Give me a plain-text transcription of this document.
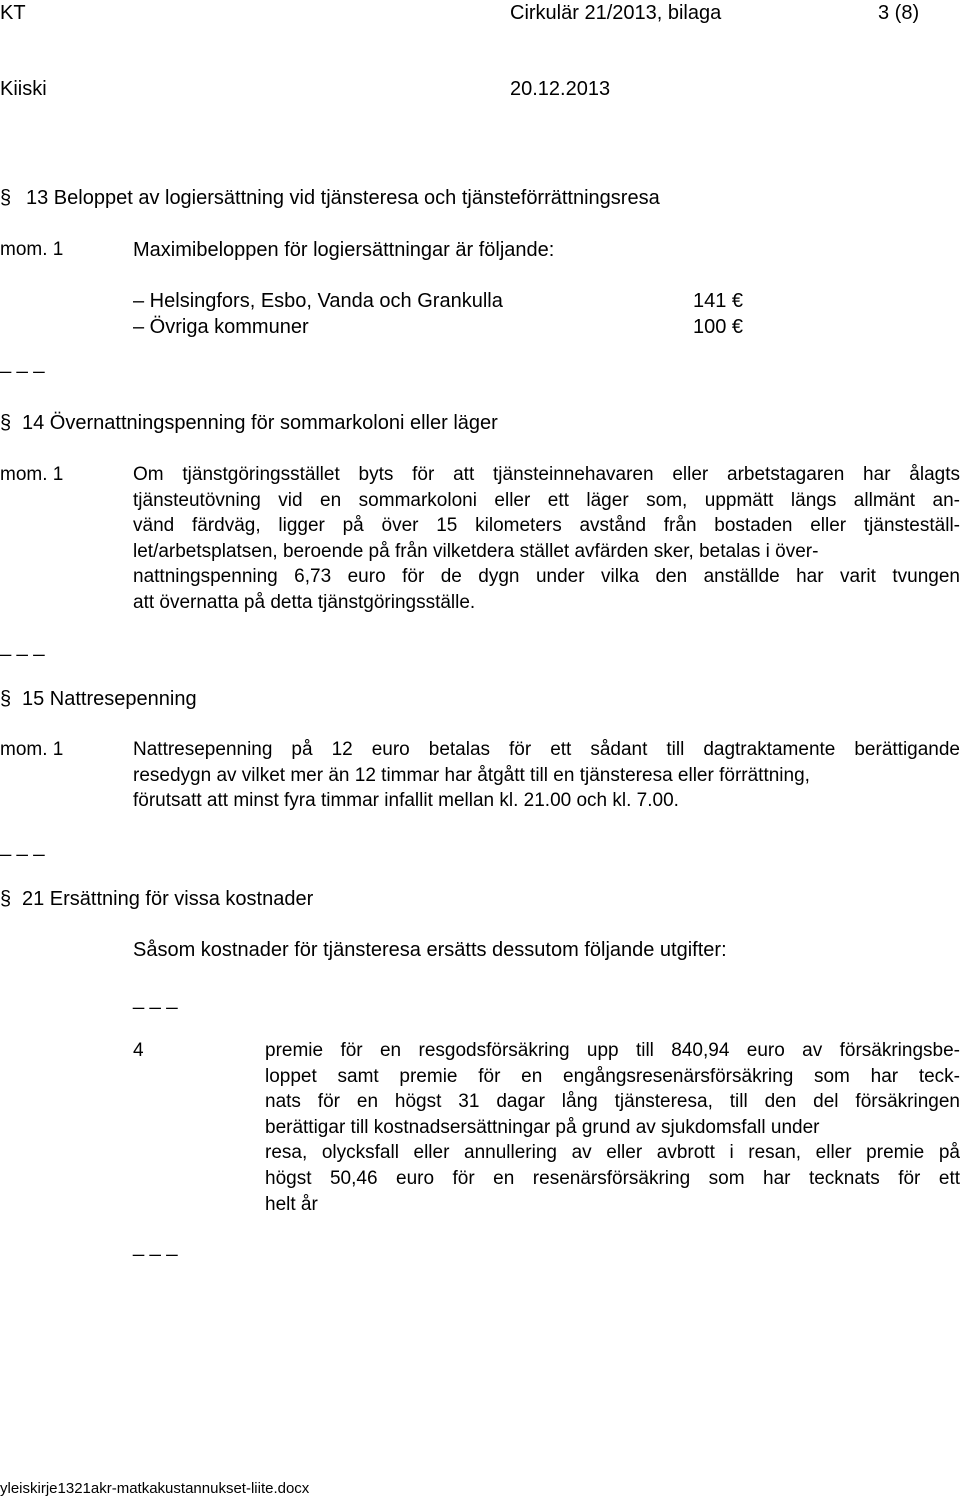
KT	Cirkulär 21/2013, bilaga	3 (8)
Kiiski	20.12.2013
§ 13 Beloppet av logiersättning vid tjänsteresa och tjänsteförrättningsresa
mom. 1	Maximibeloppen för logiersättningar är följande:
– Helsingfors, Esbo, Vanda och Grankulla	141 €
– Övriga kommuner	100 €
_ _ _
§ 14 Övernattningspenning för sommarkoloni eller läger
mom. 1	Om tjänstgöringsstället byts för att tjänsteinnehavaren eller arbetstagaren har ålagts
tjänsteutövning vid en sommarkoloni eller ett läger som, uppmätt längs allmänt an-
vänd färdväg, ligger på över 15 kilometers avstånd från bostaden eller tjänsteställ-
let/arbetsplatsen, beroende på från vilketdera stället avfärden sker, betalas i över-
nattningspenning 6,73 euro för de dygn under vilka den anställde har varit tvungen
att övernatta på detta tjänstgöringsställe.
_ _ _
§ 15 Nattresepenning
mom. 1	Nattresepenning på 12 euro betalas för ett sådant till dagtraktamente berättigande
resedygn av vilket mer än 12 timmar har åtgått till en tjänsteresa eller förrättning,
förutsatt att minst fyra timmar infallit mellan kl. 21.00 och kl. 7.00.
_ _ _
§ 21 Ersättning för vissa kostnader
Såsom kostnader för tjänsteresa ersätts dessutom följande utgifter:
_ _ _
4	premie för en resgodsförsäkring upp till 840,94 euro av försäkringsbe-
loppet samt premie för en engångsresenärsförsäkring som har teck-
nats för en högst 31 dagar lång tjänsteresa, till den del försäkringen
berättigar till kostnadsersättningar på grund av sjukdomsfall under
resa, olycksfall eller annullering av eller avbrott i resan, eller premie på
högst 50,46 euro för en resenärsförsäkring som har tecknats för ett
helt år
_ _ _
yleiskirje1321akr-matkakustannukset-liite.docx
